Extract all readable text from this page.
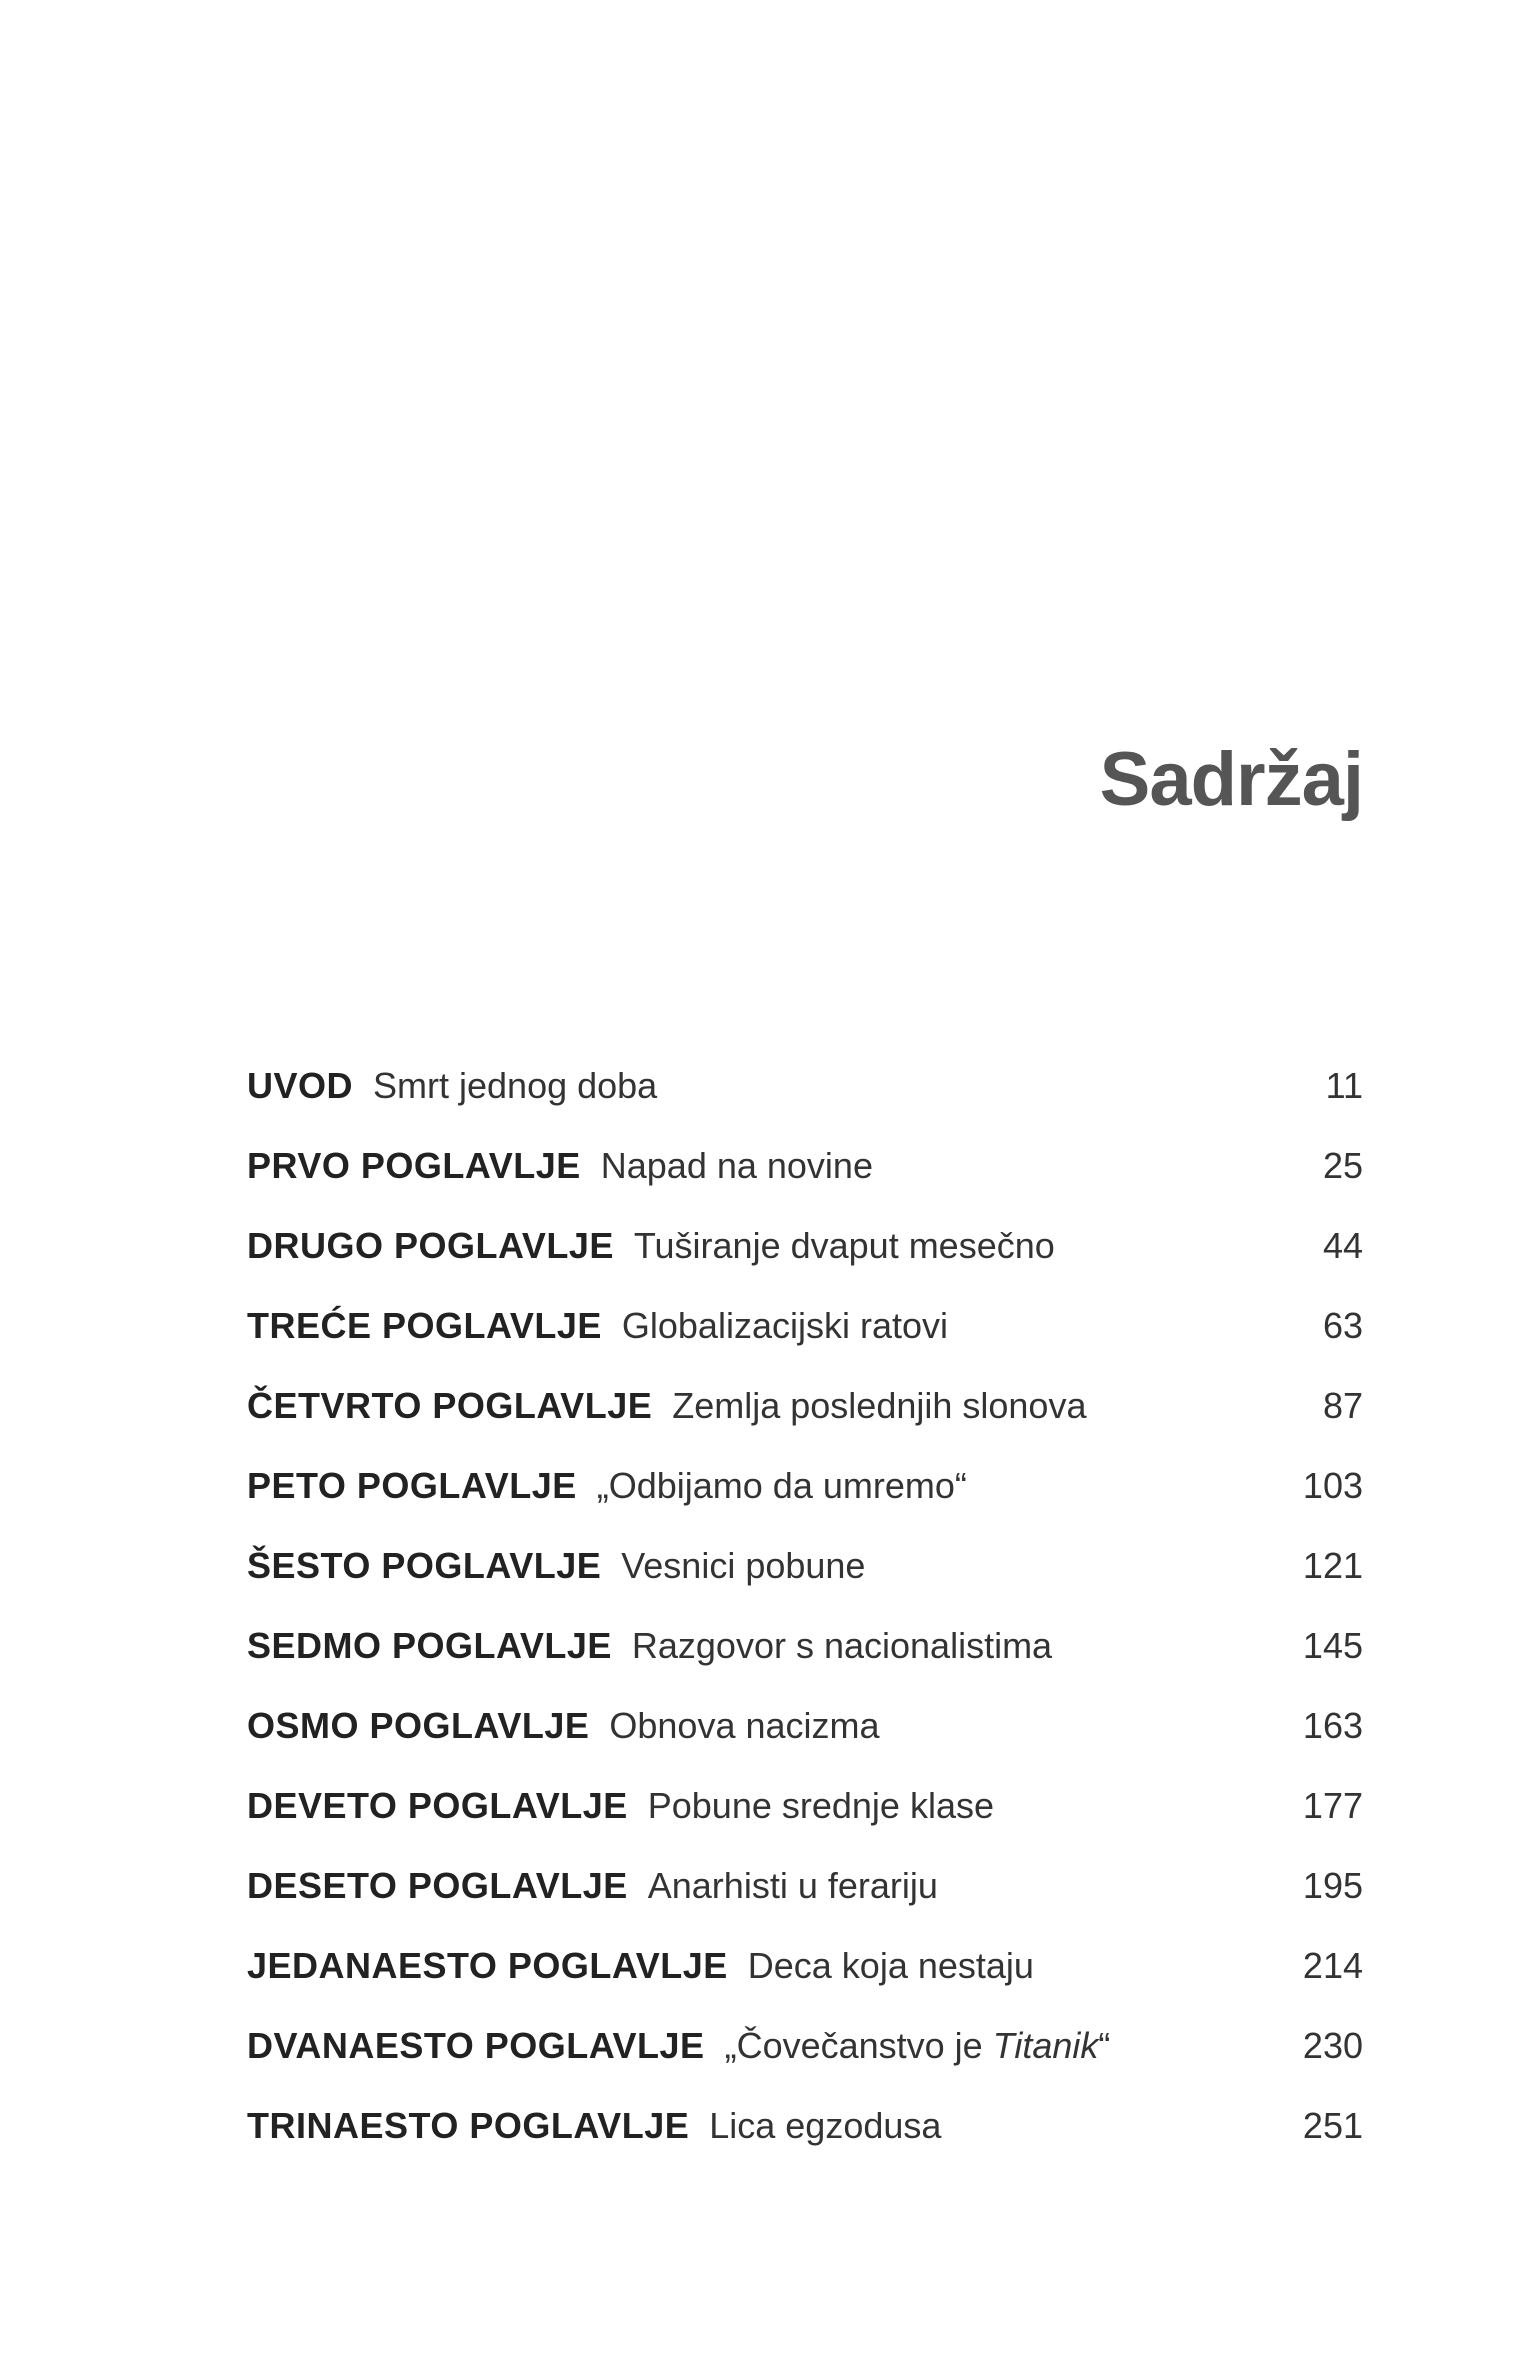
Sadržaj
UVOD Smrt jednog doba	11
PRVO POGLAVLJE Napad na novine	25
DRUGO POGLAVLJE Tuširanje dvaput mesečno	44
TREĆE POGLAVLJE Globalizacijski ratovi	63
ČETVRTO POGLAVLJE Zemlja poslednjih slonova	87
PETO POGLAVLJE „Odbijamo da umremo“	103
ŠESTO POGLAVLJE Vesnici pobune	121
SEDMO POGLAVLJE Razgovor s nacionalistima	145
OSMO POGLAVLJE Obnova nacizma	163
DEVETO POGLAVLJE Pobune srednje klase	177
DESETO POGLAVLJE Anarhisti u ferariju	195
JEDANAESTO POGLAVLJE Deca koja nestaju	214
DVANAESTO POGLAVLJE „Čovečanstvo je Titanik“	230
TRINAESTO POGLAVLJE Lica egzodusa	251
